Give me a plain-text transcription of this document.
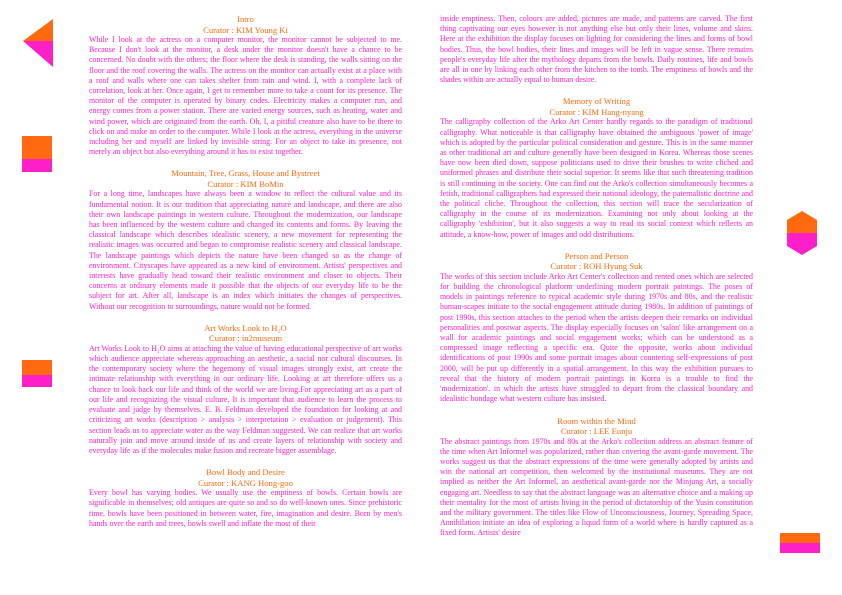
Intro
Curator : KIM Young Ki

While I look at the actress on a computer monitor, the monitor cannot be subjected to me. Because I don't look at the monitor, a desk under the monitor doesn't have a chance to be concerned. No doubt with the others; the floor where the desk is standing, the walls sitting on the floor and the roof covering the walls. The actress on the monitor can actually exist at a place with a roof and walls where one can takes shelter from rain and wind. I, with a complete lack of correlation, look at her. Once again, I get to remember more to take a count for its presence. The monitor of the computer is operated by binary codes. Electricity makes a computer run, and energy comes from a power station. There are varied energy sources, such as heating, water and wind power, which are originated from the earth. Oh, I, a pitiful creature also have to be there to click on and make an order to the computer. While I look at the actress, everything in the universe including her and myself are linked by invisible string. For an object to take its presence, not merely an object but also everything around it has to exist together.

Mountain, Tree, Grass, House and Bystreet
Curator : KIM BoMin

For a long time, landscapes have always been a window to reflect the cultural value and its fundamental notion. It is our tradition that appreciating nature and landscape, and there are also their own landscape paintings in western culture. Throughout the modernization, our landscape has been influenced by the western culture and changed its contents and forms. By leaving the classical landscape which describes idealistic scenery, a new movement for representing the realistic images was occurred and began to compromise realistic scenery and classical landscape. The landscape paintings which depicts the nature have been changed so as the change of environment. Cityscapes have appeared as a new kind of environment. Artists' perspectives and interests have gradually head toward their realistic environment and closer to objects. Their concerns at ordinary elements made it possible that the objects of our everyday life to be the subject for art. After all, landscape is an index which initiates the changes of perspectives. Without our recognition to surroundings, nature would not be formed.

Art Works Look to H₂O
Curator : in2museum

Art Works Look to H₂O aims at attaching the value of having educational perspective of art works which audience appreciate whereas approaching an aesthetic, a social nor cultural discourses. In the contemporary society where the hegemony of visual images strongly exist, art create the intimate relationship with everything in our ordinary life. Looking at art therefore offers us a chance to look back our life and think of the world we are living.For appreciating art as a part of our life and recognizing the visual culture, It is important that audience to learn the process to evaluate and judge by themselves. E. B. Feldman developed the foundation for looking at and criticizing art works (description > analysis > interpretation > evaluation or judgement). This section leads us to appreciate water as the way Feldman suggested. We can realize that art works naturally join and move around inside of us and create layers of relationship with society and everyday life as if the molecules make fusion and recreate bigger assemblage.

Bowl Body and Desire
Curator : KANG Hong-goo

Every bowl has varying bodies. We usually use the emptiness of bowls. Certain bowls are significable in themselves; old antiques are quite so and so do well-known ones. Since prehistoric time, bowls have been positioned in between water, fire, imagination and desire. Born by men's hands over the earth and trees, bowls swell and inflate the most of their

inside emptiness. Then, colours are added, pictures are made, and patterns are carved. The first thing captivating our eyes however is not anything else but only their lines, volume and skins. Here at the exhibition the display focuses on lighting for considering the lines and forms of bowl bodies. Thus, the bowl bodies, their lines and images will be left in vague sense. There remains people's everyday life after the mythology departs from the bowls. Daily routines, life and bowls are all in one by linking each other from the kitchen to the tomb. The emptiness of bowls and the shades within are actually equal to human desire.

Memory of Writing
Curator : KIM Hang-nyang

The calligraphy collection of the Arko Art Center hardly regards to the paradigm of traditional calligraphy. What noticeable is that calligraphy have obtained the ambiguous 'power of image' which is adopted by the particular political consideration and gesture. This is in the same manner as other traditional art and culture generally have been designed in Korea. Whereas those scenes have now been died down, suppose politicians used to drive their brushes to write cliched and uniformed phrases and distribute their social superior. It seems like that such threatening tradition is still continuing in the society. One can find out the Arko's collection simultaneously becomes a fetish, traditional calligraphers had expressed their national ideology, the paternalistic doctrine and the political cliche. Throughout the collection, this section will trace the secularization of calligraphy in the course of its modernization. Examining not only about looking at the calligraphy 'exhibition', but it also suggests a way to read its social context which reflects an attitude, a know-how, power of images and odd distributions.

Person and Person
Curator : ROH Hyung Suk

The works of this section include Arko Art Center's collection and rented ones which are selected for building the chronological platform underlining modern portrait paintings. The poses of models in paintings reference to typical academic style during 1970s and 80s, and the realistic human-scapes initiate to the social engagement attitude during 1980s. In addition of paintings of post 1990s, this section attaches to the period when the artists deepen their remarks on individual personalities and postwar aspects. The display especially focuses on 'salon' like arrangement on a wall for academic paintings and social engagement works; which can be understood as a compressed image reflecting a specific era. Quite the opposite, works about individual identifications of post 1990s and some portrait images about countering self-expressions of post 2000, will be put up differently in a spatial arrangement. In this way the exhibition pursues to reveal that the history of modern portrait paintings in Korea is a trouble to find the 'modernization'. in which the artists have struggled to depart from the classical boundary and idealistic bondage what western culture has insisted.

Room within the Mind
Curator : LEE Eunju

The abstract paintings from 1970s and 80s at the Arko's collection address an abstract feature of the time when Art Informel was popularized, rather than covering the avant-garde movement. The works suggest us that the abstract expressions of the time were generally adopted by artists and win the national art competition, then welcomed by the institutional museums. They are not implied as neither the Art Informel, an aesthetical avant-garde nor the Minjung Art, a socially engaging art. Needless to say that the abstract language was an alternative choice and a making up their mentality for the most of artists living in the period of dictatorship of the Yusin constitution and the military government. The titles like Flow of Unconsciousness, Journey, Spreading Space, Annihilation initiate an idea of exploring a liquid form of a world where is hardly captured as a fixed form. Artists' desire
